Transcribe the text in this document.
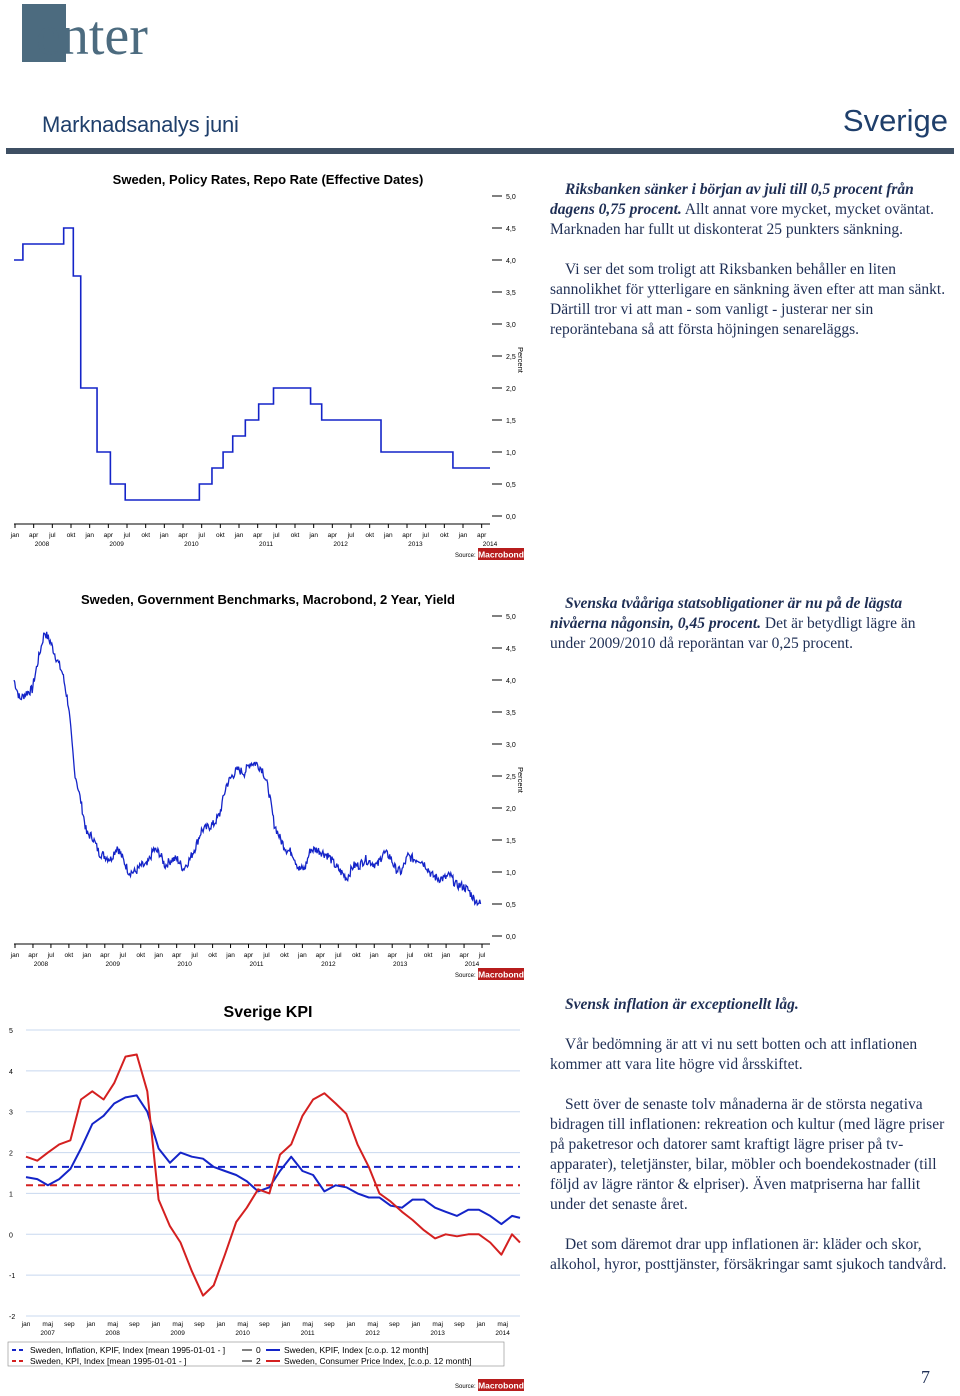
enter
Marknadsanalys juni	Sverige
Sweden, Policy Rates, Repo Rate (Effective Dates)
0,0
0,5
1,0
1,5
2,0
2,5
3,0
3,5
4,0
4,5
5,0
Percent
jan apr jul okt jan apr jul okt jan apr jul okt jan apr jul okt jan apr jul okt jan apr jul okt jan apr
2008	2009	2010	2011	2012	2013	2014
Source: Macrobond
Sweden, Government Benchmarks, Macrobond, 2 Year, Yield
0,0
0,5
1,0
1,5
2,0
2,5
3,0
3,5
4,0
4,5
5,0
Percent
jan apr jul okt jan apr jul okt jan apr jul okt jan apr jul okt jan apr jul okt jan apr jul okt jan apr jul
2008	2009	2010	2011	2012	2013	2014
Source: Macrobond
Sverige KPI
-2
-1
0
1
2
3
4
5
jan maj sep jan maj sep jan maj sep jan maj sep jan maj sep jan maj sep jan maj sep jan maj
2007	2008	2009	2010	2011	2012	2013	2014
Sweden, Inflation, KPIF, Index [mean 1995-01-01 - ]	0	Sweden, KPIF, Index [c.o.p. 12 month]
Sweden, KPI, Index [mean 1995-01-01 - ]	2	Sweden, Consumer Price Index, [c.o.p. 12 month]
Source: Macrobond

Riksbanken sänker i början av juli till 0,5 procent från dagens 0,75 procent. Allt annat vore mycket, mycket oväntat. Marknaden har fullt ut diskonterat 25 punkters sänkning.

Vi ser det som troligt att Riksbanken behåller en liten sannolikhet för ytterligare en sänkning även efter att man sänkt. Därtill tror vi att man - som vanligt - justerar ner sin reporäntebana så att första höjningen senareläggs.

Svenska tvååriga statsobligationer är nu på de lägsta nivåerna någonsin, 0,45 procent. Det är betydligt lägre än under 2009/2010 då reporäntan var 0,25 procent.

Svensk inflation är exceptionellt låg.

Vår bedömning är att vi nu sett botten och att inflationen kommer att vara lite högre vid årsskiftet.

Sett över de senaste tolv månaderna är de största negativa bidragen till inflationen: rekreation och kultur (med lägre priser på paketresor och datorer samt kraftigt lägre priser på tv-apparater), teletjänster, bilar, möbler och boendekostnader (till följd av lägre räntor & elpriser). Även matpriserna har fallit under det senaste året.

Det som däremot drar upp inflationen är: kläder och skor, alkohol, hyror, posttjänster, försäkringar samt sjukoch tandvård.

7
